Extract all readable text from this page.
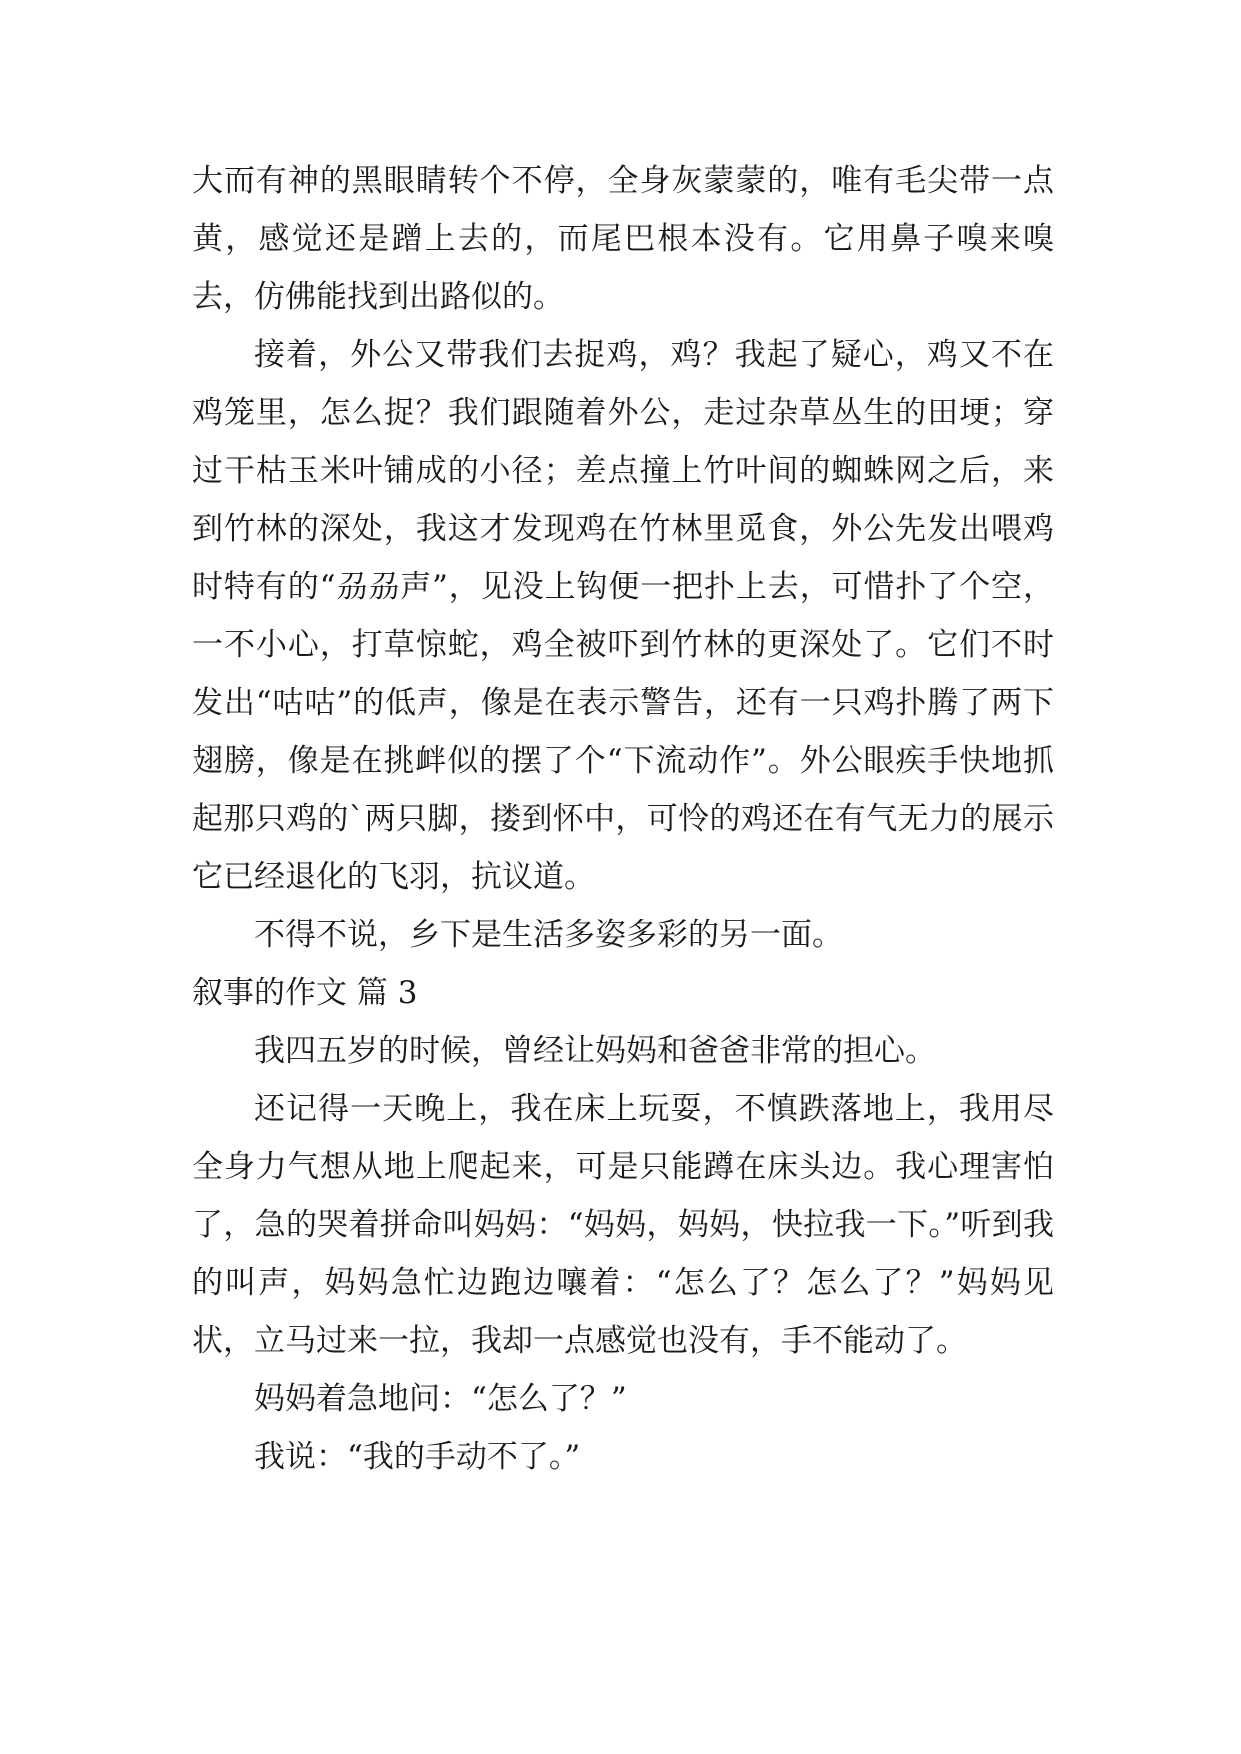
大而有神的黑眼睛转个不停，全身灰蒙蒙的，唯有毛尖带一点黄，感觉还是蹭上去的，而尾巴根本没有。它用鼻子嗅来嗅去，仿佛能找到出路似的。

接着，外公又带我们去捉鸡，鸡？我起了疑心，鸡又不在鸡笼里，怎么捉？我们跟随着外公，走过杂草丛生的田埂；穿过干枯玉米叶铺成的小径；差点撞上竹叶间的蜘蛛网之后，来到竹林的深处，我这才发现鸡在竹林里觅食，外公先发出喂鸡时特有的“刕刕声”，见没上钩便一把扑上去，可惜扑了个空，一不小心，打草惊蛇，鸡全被吓到竹林的更深处了。它们不时发出“咕咕”的低声，像是在表示警告，还有一只鸡扑腾了两下翅膀，像是在挑衅似的摆了个“下流动作”。外公眼疾手快地抓起那只鸡的`两只脚，搂到怀中，可怜的鸡还在有气无力的展示它已经退化的飞羽，抗议道。

不得不说，乡下是生活多姿多彩的另一面。

叙事的作文 篇 3

我四五岁的时候，曾经让妈妈和爸爸非常的担心。

还记得一天晚上，我在床上玩耍，不慎跌落地上，我用尽全身力气想从地上爬起来，可是只能蹲在床头边。我心理害怕了，急的哭着拼命叫妈妈：“妈妈，妈妈，快拉我一下。”听到我的叫声，妈妈急忙边跑边嚷着：“怎么了？怎么了？”妈妈见状，立马过来一拉，我却一点感觉也没有，手不能动了。

妈妈着急地问：“怎么了？”

我说：“我的手动不了。”
